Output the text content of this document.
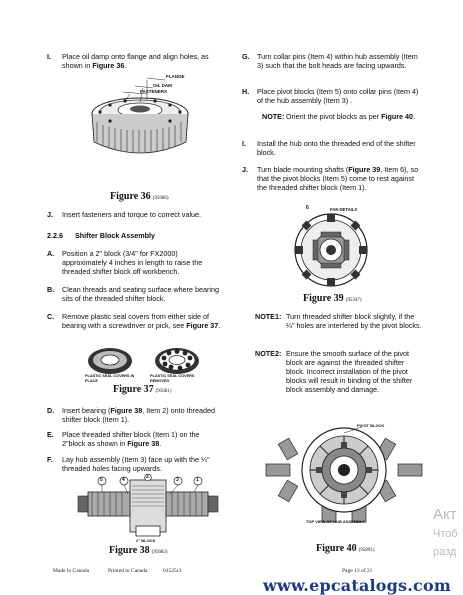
I. Place oil damp onto flange and align holes, as shown in Figure 36.
FLANGE
OIL DAM
FASTENERS
Figure 36 (95686)
J. Insert fasteners and torque to correct value.
2.2.6 Shifter Block Assembly
A. Position a 2" block (3/4" for FX2000) approximately 4 inches in length to raise the threaded shifter block off workbench.
B. Clean threads and seating surface where bearing sits of the threaded shifter block.
C. Remove plastic seal covers from either side of bearing with a screwdriver or pick, see Figure 37.
PLASTIC SEAL COVERS IN PLACE
PLASTIC SEAL COVERS REMOVED
Figure 37 (95681)
D. Insert bearing (Figure 38, Item 2) onto threaded shifter block (Item 1).
E. Place threaded shifter block (Item 1) on the 2"block as shown in Figure 38.
F. Lay hub assembly (Item 3) face up with the ¼" threaded holes facing upwards.
5	4	2	3	1
2" BLOCK
Figure 38 (95682)
G. Turn collar pins (Item 4) within hub assembly (Item 3) such that the bolt heads are facing upwards.
H. Place pivot blocks (Item 5) onto collar pins (Item 4) of the hub assembly (Item 3) .
NOTE: Orient the pivot blocks as per Figure 40.
I. Install the hub onto the threaded end of the shifter block.
J. Turn blade mounting shafts (Figure 39, Item 6), so that the pivot blocks (Item 5) come to rest against the threaded shifter block (Item 1).
6	FAN DETAILS
Figure 39 (95347)
NOTE1: Turn threaded shifter block slightly, if the ¼" holes are interfered by the pivot blocks.
NOTE2: Ensure the smooth surface of the pivot block are against the threaded shifter block. Incorrect installation of the pivot blocks will result in binding of the shifter block assembly and damage.
PIVOT BLOCK
TOP VIEW OF HUB ASSEMBLY
Figure 40 (95891)
Made in Canada	Printed in Canada	01525r3	Page 13 of 21
www.epcatalogs.com
Акт
Чтоб
разд
